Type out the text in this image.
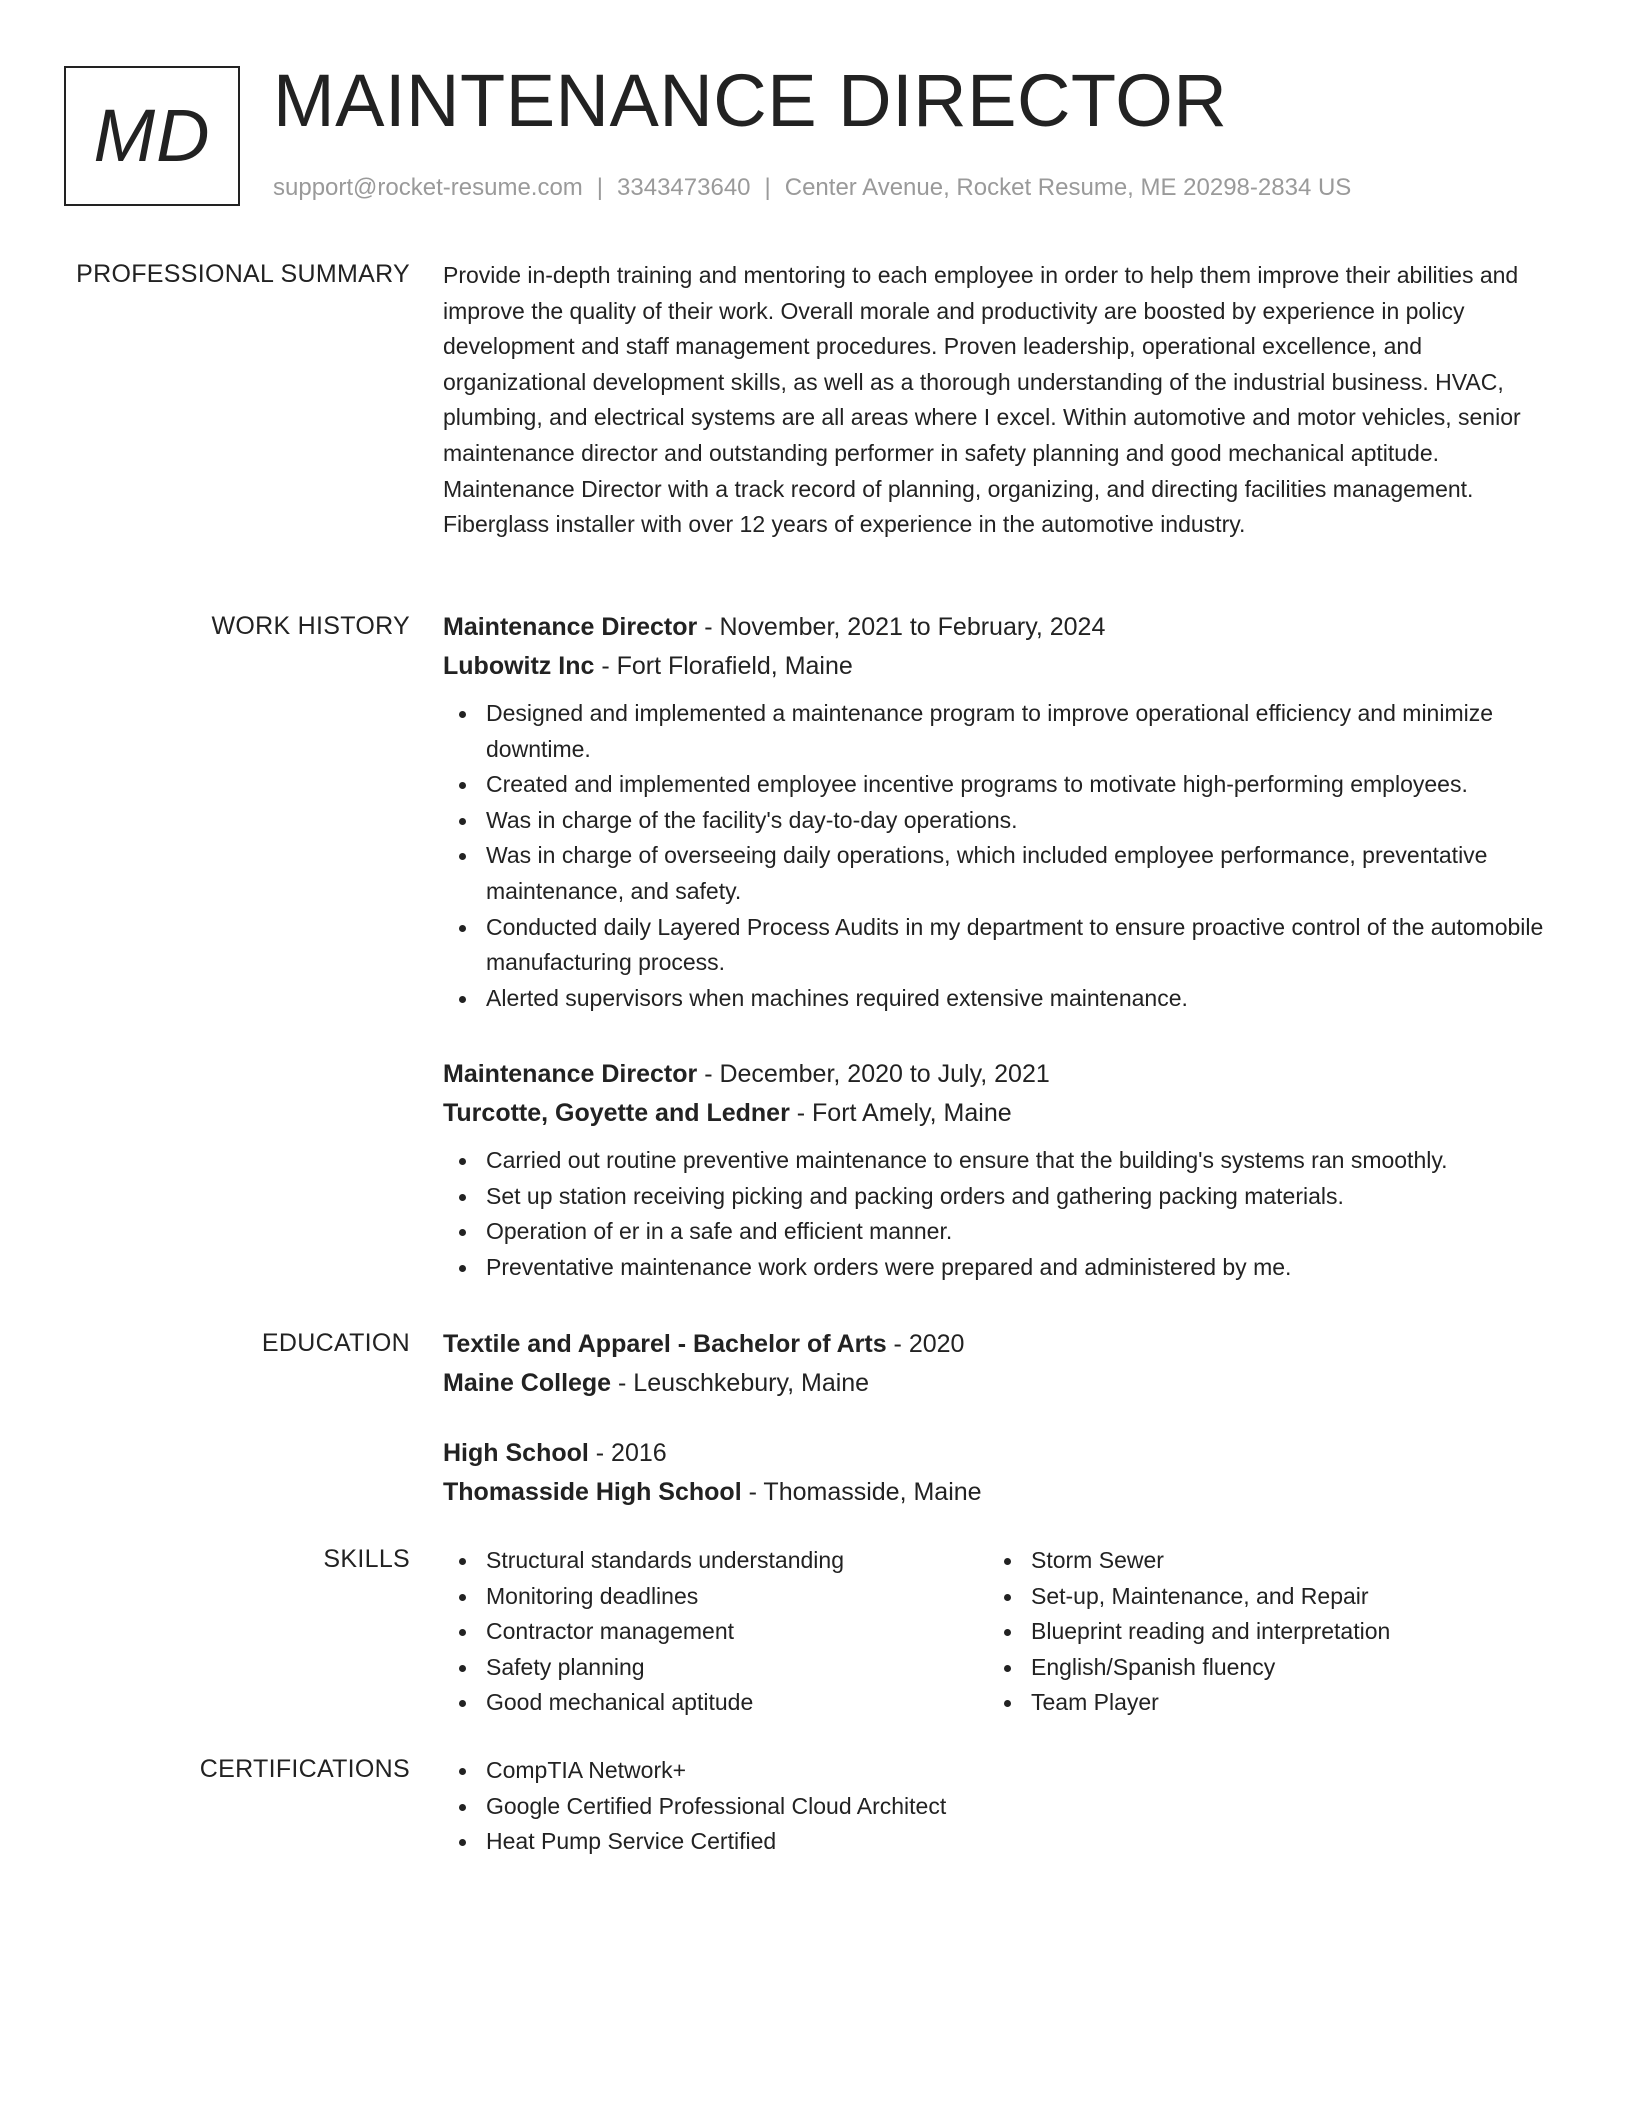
MD MAINTENANCE DIRECTOR
support@rocket-resume.com | 3343473640 | Center Avenue, Rocket Resume, ME 20298-2834 US
PROFESSIONAL SUMMARY Provide in-depth training and mentoring to each employee in order to help them improve their abilities and improve the quality of their work. Overall morale and productivity are boosted by experience in policy development and staff management procedures. Proven leadership, operational excellence, and organizational development skills, as well as a thorough understanding of the industrial business. HVAC, plumbing, and electrical systems are all areas where I excel. Within automotive and motor vehicles, senior maintenance director and outstanding performer in safety planning and good mechanical aptitude. Maintenance Director with a track record of planning, organizing, and directing facilities management. Fiberglass installer with over 12 years of experience in the automotive industry.

WORK HISTORY Maintenance Director - November, 2021 to February, 2024

Lubowitz Inc - Fort Florafield, Maine

Designed and implemented a maintenance program to improve operational efficiency and minimize downtime.
Created and implemented employee incentive programs to motivate high-performing employees.
Was in charge of the facility's day-to-day operations.
Was in charge of overseeing daily operations, which included employee performance, preventative maintenance, and safety.
Conducted daily Layered Process Audits in my department to ensure proactive control of the automobile manufacturing process.
Alerted supervisors when machines required extensive maintenance.

Maintenance Director - December, 2020 to July, 2021

Turcotte, Goyette and Ledner - Fort Amely, Maine

Carried out routine preventive maintenance to ensure that the building's systems ran smoothly.
Set up station receiving picking and packing orders and gathering packing materials.
Operation of er in a safe and efficient manner.
Preventative maintenance work orders were prepared and administered by me.
EDUCATION Textile and Apparel - Bachelor of Arts - 2020

Maine College - Leuschkebury, Maine

High School - 2016

Thomasside High School - Thomasside, Maine

SKILLS	Structural standards understanding
Monitoring deadlines
Contractor management
Safety planning
Good mechanical aptitude
Storm Sewer
Set-up, Maintenance, and Repair
Blueprint reading and interpretation
English/Spanish fluency
Team Player
CERTIFICATIONS	CompTIA Network+
Google Certified Professional Cloud Architect
Heat Pump Service Certified
